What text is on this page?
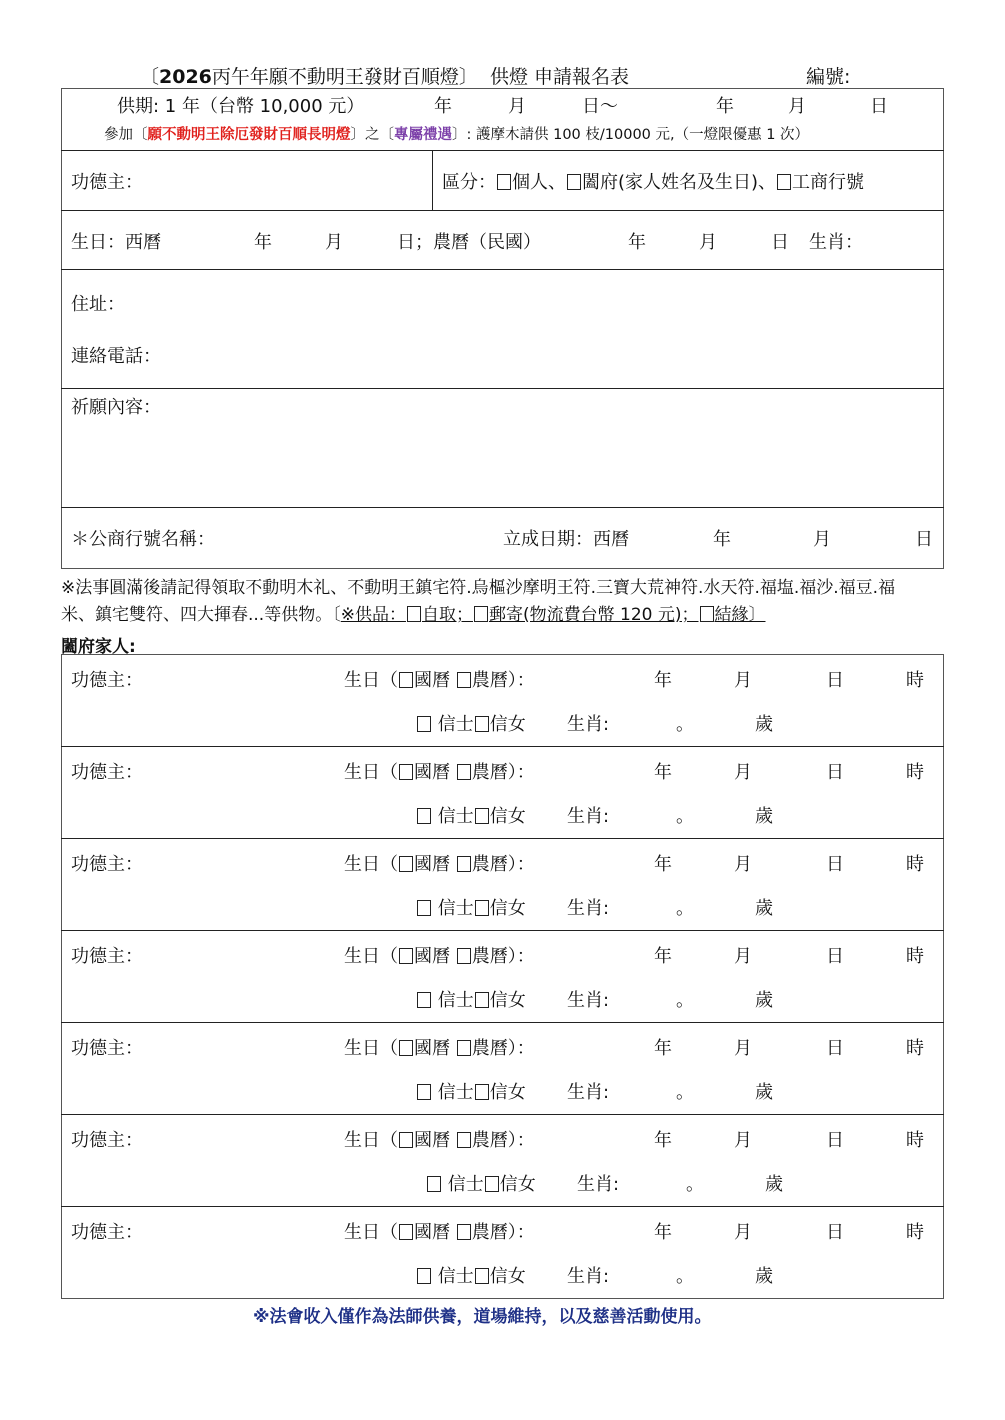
〔2026丙午年願不動明王發財百順燈〕 供燈 申請報名表	編號:
供期: 1 年（台幣 10,000 元）	年	月	日～	年	月	日
參加〔願不動明王除厄發財百順長明燈〕之〔專屬禮遇〕: 護摩木請供 100 枝/10000 元,（一燈限優惠 1 次）
功德主：	區分： 個人、 闔府(家人姓名及生日)、 工商行號
生日：西曆	年	月	日；農曆（民國）	年	月	日 生肖：
住址：
連絡電話：
祈願內容：
＊公商行號名稱：	立成日期：西曆	年	月	日
※法事圓滿後請記得領取不動明木礼、不動明王鎮宅符.烏樞沙摩明王符.三寶大荒神符.水天符.福塩.福沙.福豆.福
米、鎮宅雙符、四大揮春...等供物。〔※供品： 自取； 郵寄(物流費台幣 120 元)； 結緣〕
闔府家人:
功德主：	生日（ 國曆 農曆）：	年	月	日	時
信士 信女 生肖:	。	歲
功德主：	生日（ 國曆 農曆）：	年	月	日	時
信士 信女 生肖:	。	歲
功德主：	生日（ 國曆 農曆）：	年	月	日	時
信士 信女 生肖:	。	歲
功德主：	生日（ 國曆 農曆）：	年	月	日	時
信士 信女 生肖:	。	歲
功德主：	生日（ 國曆 農曆）：	年	月	日	時
信士 信女 生肖:	。	歲
功德主：	生日（ 國曆 農曆）：	年	月	日	時
信士 信女 生肖:	。	歲
功德主：	生日（ 國曆 農曆）：	年	月	日	時
信士 信女 生肖:	。	歲
※法會收入僅作為法師供養，道場維持，以及慈善活動使用。
